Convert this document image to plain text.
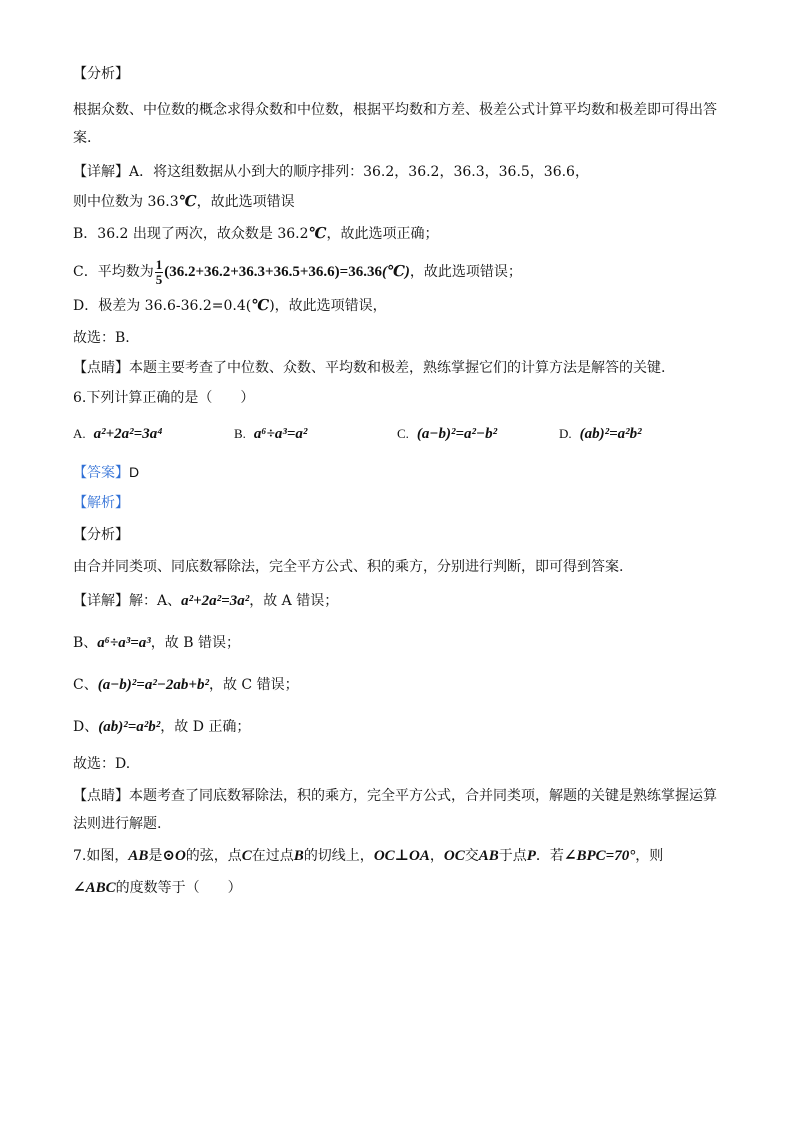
【分析】
根据众数、中位数的概念求得众数和中位数，根据平均数和方差、极差公式计算平均数和极差即可得出答
案.
【详解】A．将这组数据从小到大的顺序排列：36.2，36.2，36.3，36.5，36.6，
则中位数为 36.3℃，故此选项错误
B．36.2 出现了两次，故众数是 36.2℃，故此选项正确；
C．平均数为 $\frac{1}{5}$ (36.2+36.2+36.3+36.5+36.6)=36.36(℃)，故此选项错误；
D．极差为 36.6-36.2=0.4(℃)，故此选项错误，
故选：B.
【点睛】本题主要考查了中位数、众数、平均数和极差，熟练掌握它们的计算方法是解答的关键.
6.下列计算正确的是（　　）
A. a²+2a²=3a⁴	B. a⁶÷a³=a²	C. (a−b)²=a²−b²	D. (ab)²=a²b²
【答案】D
【解析】
【分析】
由合并同类项、同底数幂除法，完全平方公式、积的乘方，分别进行判断，即可得到答案.
【详解】解：A、a²+2a²=3a²，故 A 错误；
B、a⁶÷a³=a³，故 B 错误；
C、(a−b)²=a²−2ab+b²，故 C 错误；
D、(ab)²=a²b²，故 D 正确；
故选：D.
【点睛】本题考查了同底数幂除法，积的乘方，完全平方公式，合并同类项，解题的关键是熟练掌握运算
法则进行解题.
7.如图，AB是⊙O的弦，点C在过点B的切线上，OC⊥OA，OC交AB于点P．若∠BPC=70°，则
∠ABC的度数等于（　　）
